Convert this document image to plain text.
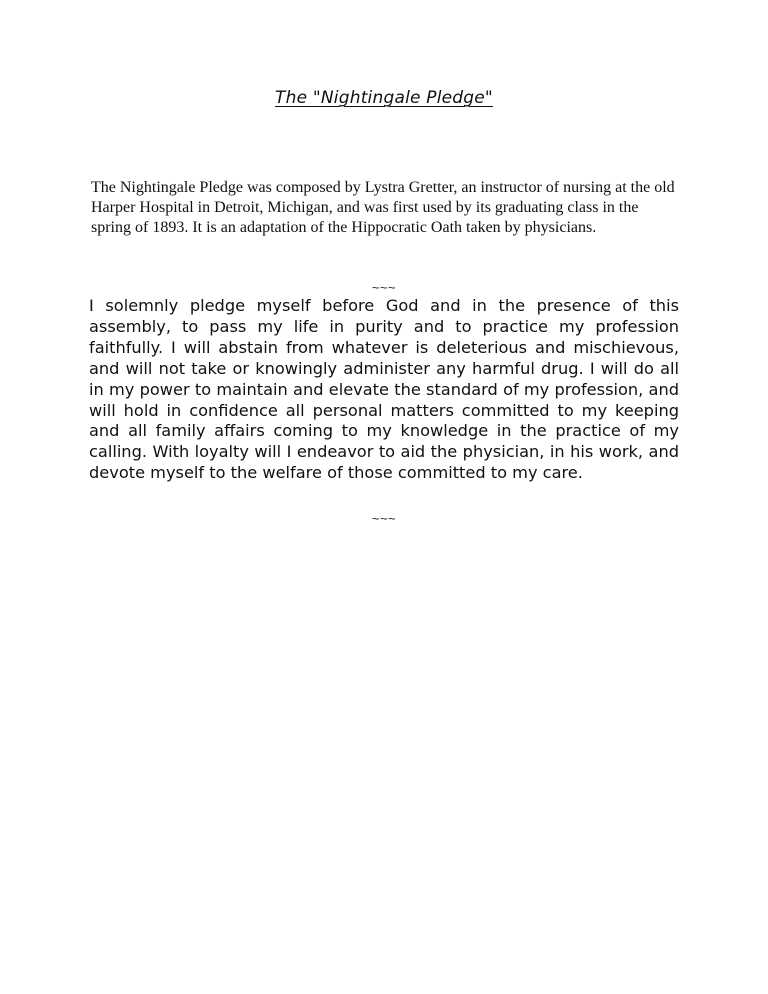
The "Nightingale Pledge"

The Nightingale Pledge was composed by Lystra Gretter, an instructor of nursing at the old Harper Hospital in Detroit, Michigan, and was first used by its graduating class in the spring of 1893. It is an adaptation of the Hippocratic Oath taken by physicians.

~~~

I solemnly pledge myself before God and in the presence of this assembly, to pass my life in purity and to practice my profession faithfully. I will abstain from whatever is deleterious and mischievous, and will not take or knowingly administer any harmful drug. I will do all in my power to maintain and elevate the standard of my profession, and will hold in confidence all personal matters committed to my keeping and all family affairs coming to my knowledge in the practice of my calling. With loyalty will I endeavor to aid the physician, in his work, and devote myself to the welfare of those committed to my care.

~~~
